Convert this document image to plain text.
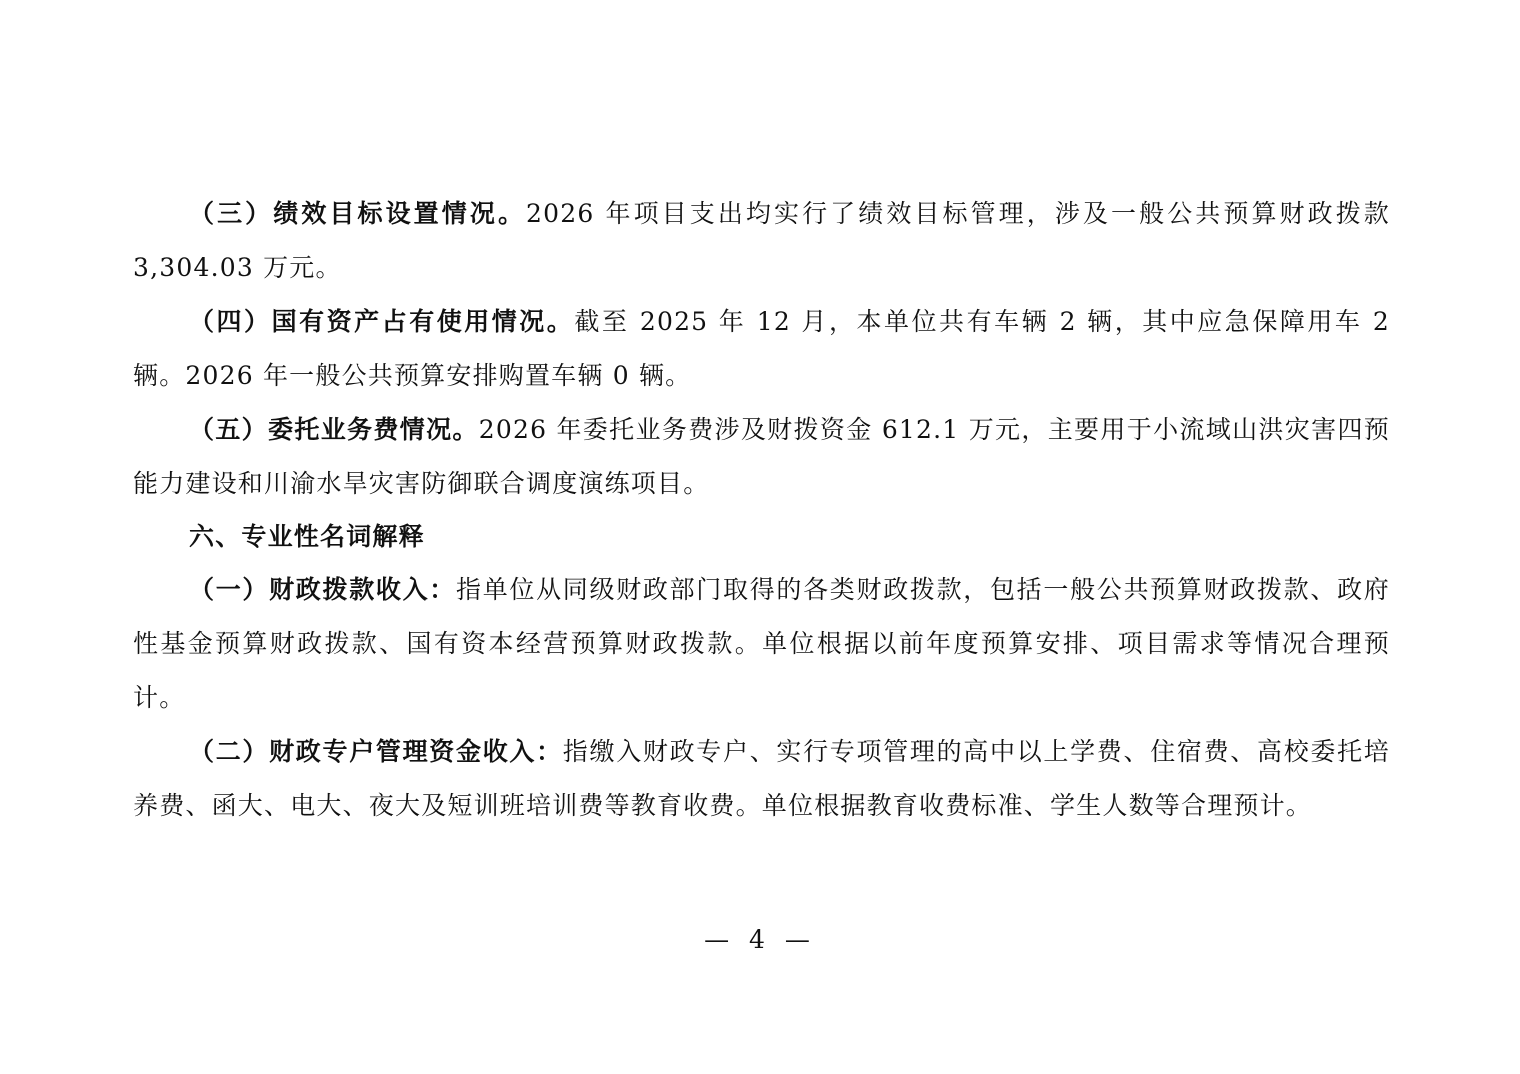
（三）绩效目标设置情况。2026 年项目支出均实行了绩效目标管理，涉及一般公共预算财政拨款 3,304.03 万元。

（四）国有资产占有使用情况。截至 2025 年 12 月，本单位共有车辆 2 辆，其中应急保障用车 2 辆。2026 年一般公共预算安排购置车辆 0 辆。

（五）委托业务费情况。2026 年委托业务费涉及财拨资金 612.1 万元，主要用于小流域山洪灾害四预能力建设和川渝水旱灾害防御联合调度演练项目。

六、专业性名词解释

（一）财政拨款收入：指单位从同级财政部门取得的各类财政拨款，包括一般公共预算财政拨款、政府性基金预算财政拨款、国有资本经营预算财政拨款。单位根据以前年度预算安排、项目需求等情况合理预计。

（二）财政专户管理资金收入：指缴入财政专户、实行专项管理的高中以上学费、住宿费、高校委托培养费、函大、电大、夜大及短训班培训费等教育收费。单位根据教育收费标准、学生人数等合理预计。

— 4 —
